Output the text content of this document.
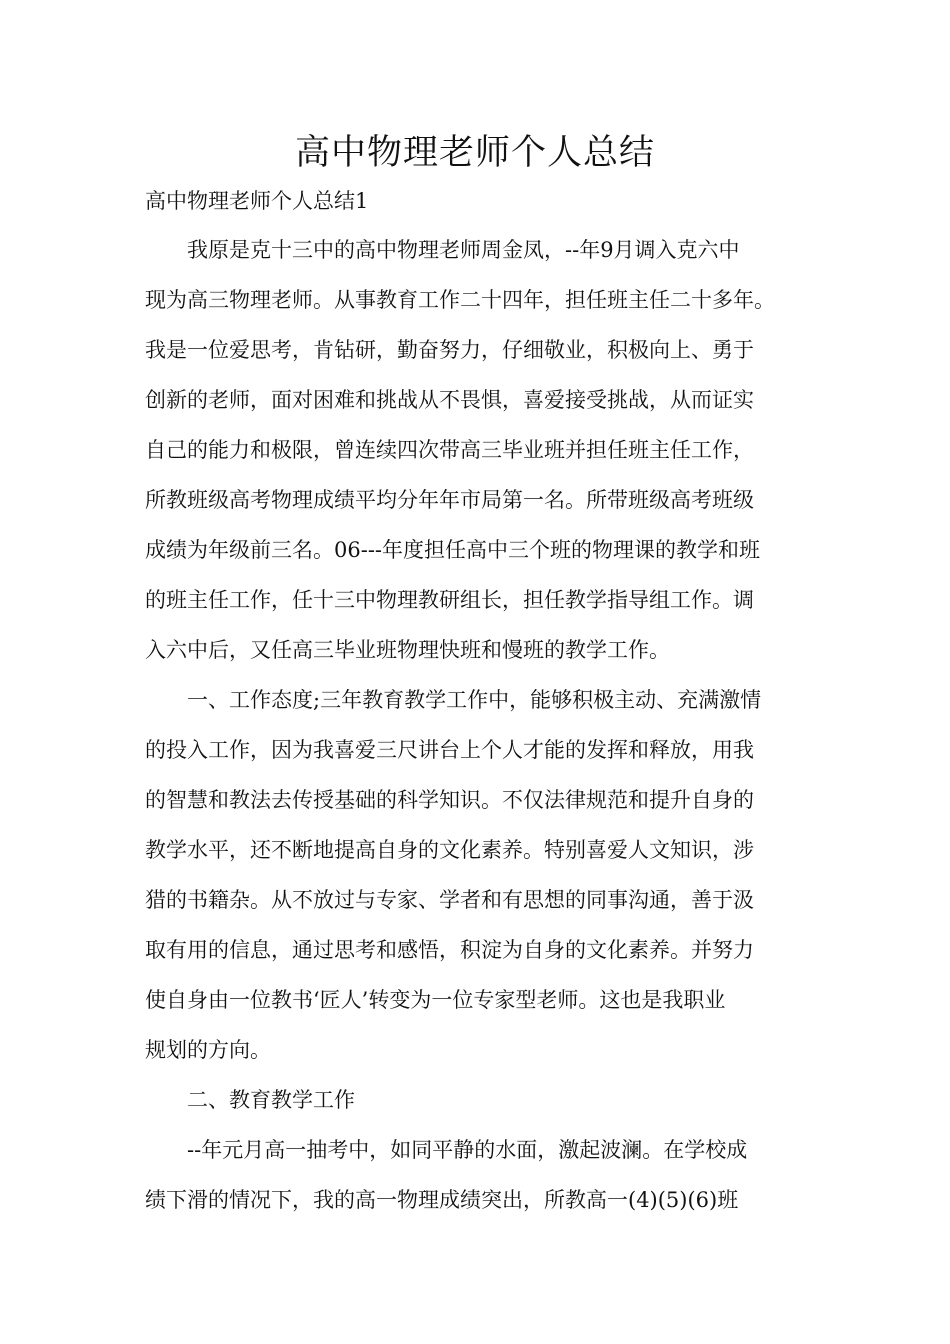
高中物理老师个人总结

高中物理老师个人总结1

　　我原是克十三中的高中物理老师周金凤，--年9月调入克六中
现为高三物理老师。从事教育工作二十四年，担任班主任二十多年。
我是一位爱思考，肯钻研，勤奋努力，仔细敬业，积极向上、勇于
创新的老师，面对困难和挑战从不畏惧，喜爱接受挑战，从而证实
自己的能力和极限，曾连续四次带高三毕业班并担任班主任工作，
所教班级高考物理成绩平均分年年市局第一名。所带班级高考班级
成绩为年级前三名。06---年度担任高中三个班的物理课的教学和班
的班主任工作，任十三中物理教研组长，担任教学指导组工作。调
入六中后，又任高三毕业班物理快班和慢班的教学工作。
　　一、工作态度;三年教育教学工作中，能够积极主动、充满激情
的投入工作，因为我喜爱三尺讲台上个人才能的发挥和释放，用我
的智慧和教法去传授基础的科学知识。不仅法律规范和提升自身的
教学水平，还不断地提高自身的文化素养。特别喜爱人文知识，涉
猎的书籍杂。从不放过与专家、学者和有思想的同事沟通，善于汲
取有用的信息，通过思考和感悟，积淀为自身的文化素养。并努力
使自身由一位教书‘匠人’转变为一位专家型老师。这也是我职业
规划的方向。
　　二、教育教学工作
　　--年元月高一抽考中，如同平静的水面，激起波澜。在学校成
绩下滑的情况下，我的高一物理成绩突出，所教高一(4)(5)(6)班
